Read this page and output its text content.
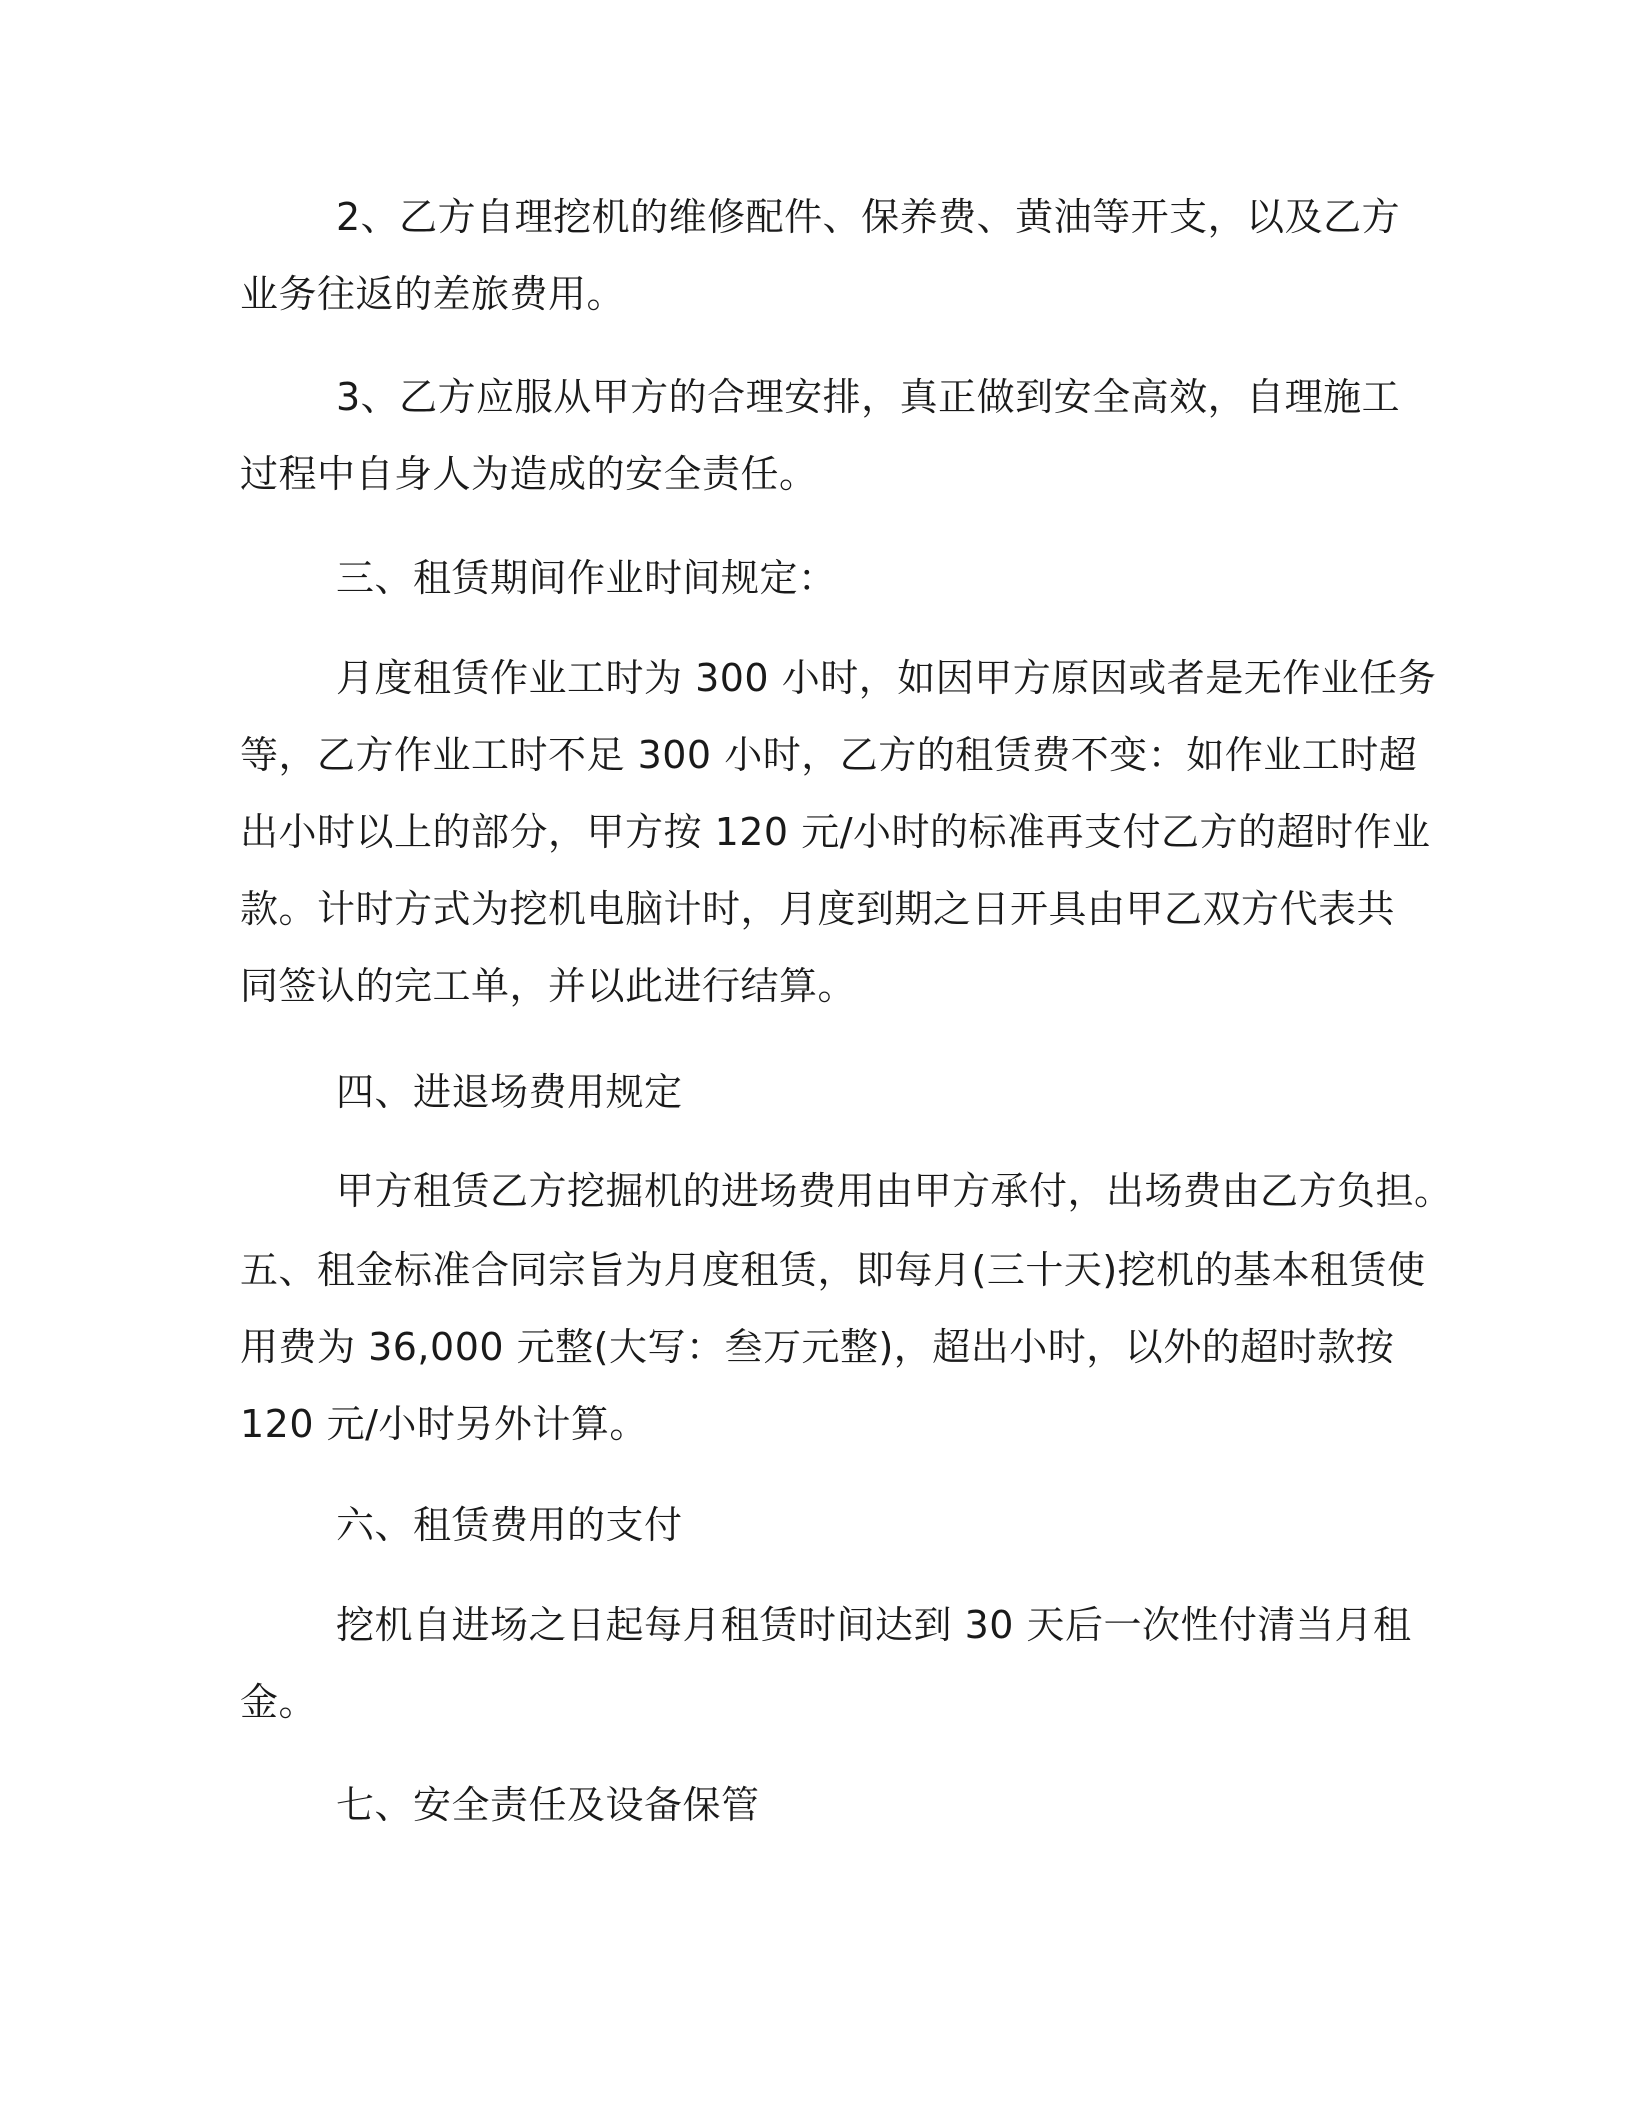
2、乙方自理挖机的维修配件、保养费、黄油等开支，以及乙方
业务往返的差旅费用。

3、乙方应服从甲方的合理安排，真正做到安全高效，自理施工
过程中自身人为造成的安全责任。

三、租赁期间作业时间规定：

月度租赁作业工时为 300 小时，如因甲方原因或者是无作业任务
等，乙方作业工时不足 300 小时，乙方的租赁费不变：如作业工时超
出小时以上的部分，甲方按 120 元/小时的标准再支付乙方的超时作业
款。计时方式为挖机电脑计时，月度到期之日开具由甲乙双方代表共
同签认的完工单，并以此进行结算。

四、进退场费用规定

甲方租赁乙方挖掘机的进场费用由甲方承付，出场费由乙方负担。

五、租金标准合同宗旨为月度租赁，即每月(三十天)挖机的基本租赁使
用费为 36,000 元整(大写：叁万元整)，超出小时，以外的超时款按
120 元/小时另外计算。

六、租赁费用的支付

挖机自进场之日起每月租赁时间达到 30 天后一次性付清当月租
金。

七、安全责任及设备保管
